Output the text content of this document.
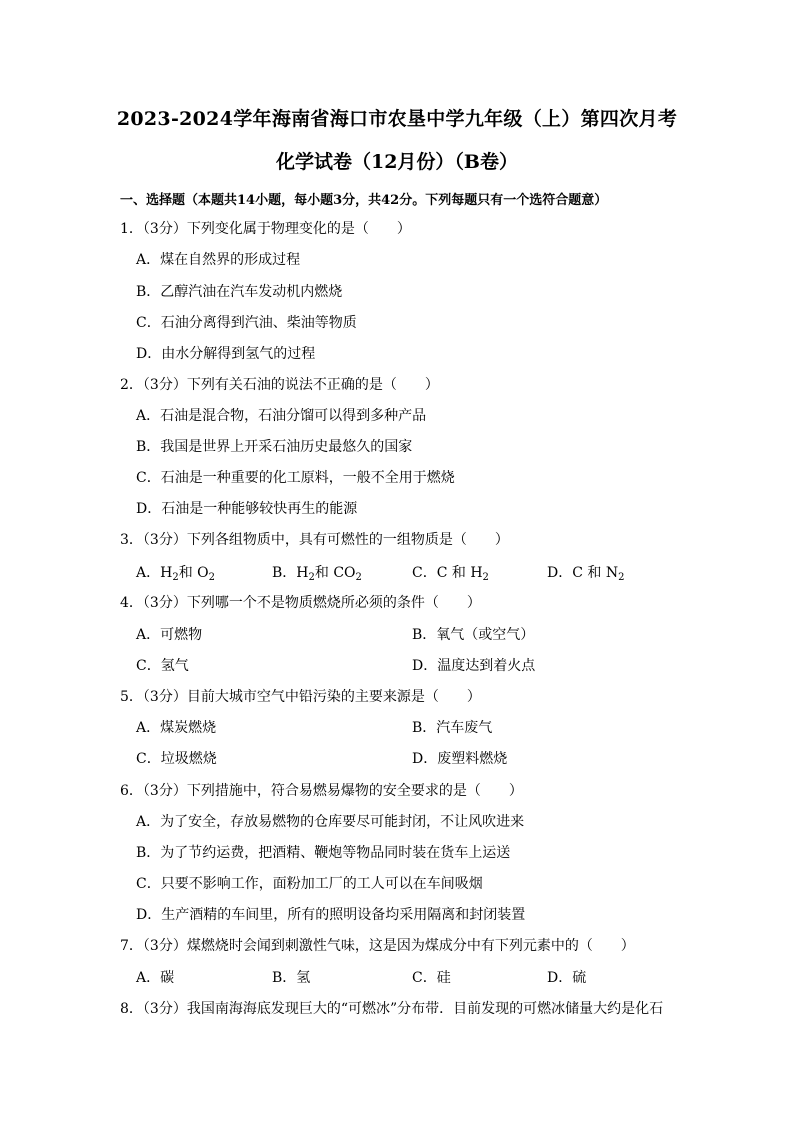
2023-2024学年海南省海口市农垦中学九年级（上）第四次月考
化学试卷（12月份）（B卷）
一、选择题（本题共14小题，每小题3分，共42分。下列每题只有一个选符合题意）
1．（3分）下列变化属于物理变化的是（　　）
A．煤在自然界的形成过程
B．乙醇汽油在汽车发动机内燃烧
C．石油分离得到汽油、柴油等物质
D．由水分解得到氢气的过程
2．（3分）下列有关石油的说法不正确的是（　　）
A．石油是混合物，石油分馏可以得到多种产品
B．我国是世界上开采石油历史最悠久的国家
C．石油是一种重要的化工原料，一般不全用于燃烧
D．石油是一种能够较快再生的能源
3．（3分）下列各组物质中，具有可燃性的一组物质是（　　）
A．$H_2$和 $O_2$	B．$H_2$和 $CO_2$	C．C 和 $H_2$	D．C 和 $N_2$
4．（3分）下列哪一个不是物质燃烧所必须的条件（　　）
A．可燃物	B．氧气（或空气）
C．氢气	D．温度达到着火点
5．（3分）目前大城市空气中铅污染的主要来源是（　　）
A．煤炭燃烧	B．汽车废气
C．垃圾燃烧	D．废塑料燃烧
6．（3分）下列措施中，符合易燃易爆物的安全要求的是（　　）
A．为了安全，存放易燃物的仓库要尽可能封闭，不让风吹进来
B．为了节约运费，把酒精、鞭炮等物品同时装在货车上运送
C．只要不影响工作，面粉加工厂的工人可以在车间吸烟
D．生产酒精的车间里，所有的照明设备均采用隔离和封闭装置
7．（3分）煤燃烧时会闻到刺激性气味，这是因为煤成分中有下列元素中的（　　）
A．碳	B．氢	C．硅	D．硫
8．（3分）我国南海海底发现巨大的“可燃冰”分布带．目前发现的可燃冰储量大约是化石
